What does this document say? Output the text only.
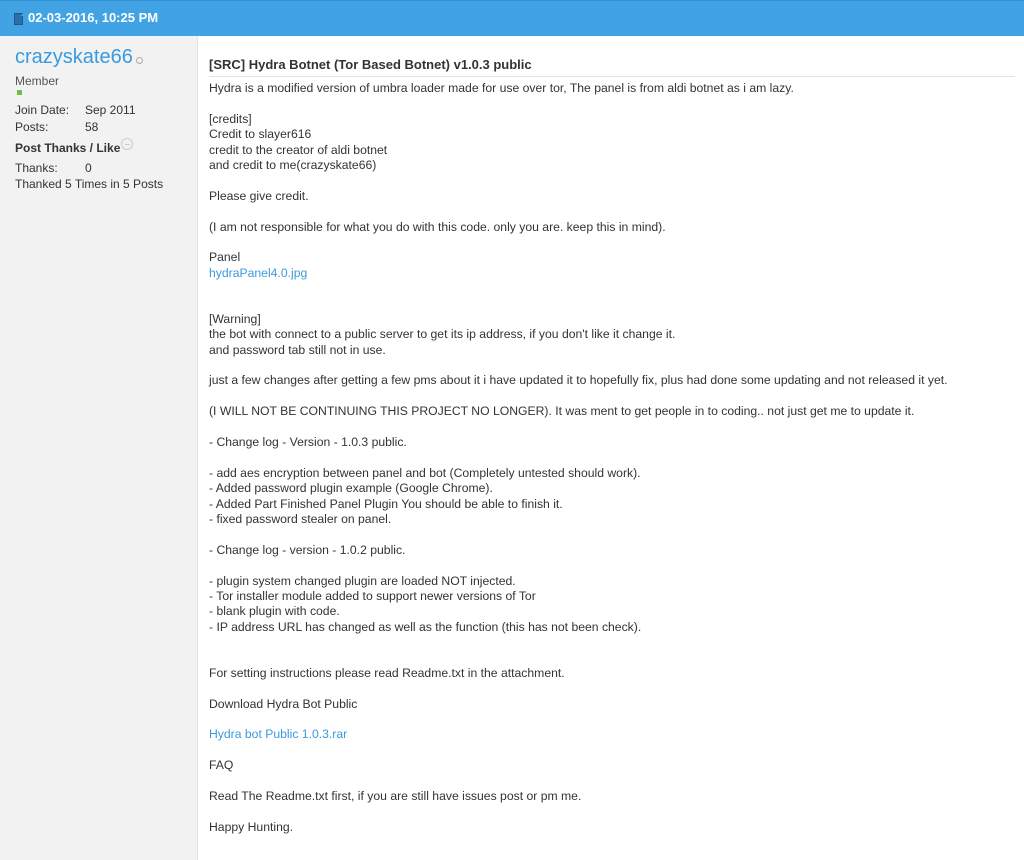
02-03-2016, 10:25 PM
crazyskate66
Member
Join Date: Sep 2011
Posts:	58
Post Thanks / Like
Thanks: 0
Thanked 5 Times in 5 Posts
[SRC] Hydra Botnet (Tor Based Botnet) v1.0.3 public
Hydra is a modified version of umbra loader made for use over tor, The panel is from aldi botnet as i am lazy.
[credits]
Credit to slayer616
credit to the creator of aldi botnet
and credit to me(crazyskate66)
Please give credit.
(I am not responsible for what you do with this code. only you are. keep this in mind).
Panel
hydraPanel4.0.jpg
[Warning]
the bot with connect to a public server to get its ip address, if you don't like it change it.
and password tab still not in use.
just a few changes after getting a few pms about it i have updated it to hopefully fix, plus had done some updating and not released it yet.
(I WILL NOT BE CONTINUING THIS PROJECT NO LONGER). It was ment to get people in to coding.. not just get me to update it.
- Change log - Version - 1.0.3 public.
- add aes encryption between panel and bot (Completely untested should work).
- Added password plugin example (Google Chrome).
- Added Part Finished Panel Plugin You should be able to finish it.
- fixed password stealer on panel.
- Change log - version - 1.0.2 public.
- plugin system changed plugin are loaded NOT injected.
- Tor installer module added to support newer versions of Tor
- blank plugin with code.
- IP address URL has changed as well as the function (this has not been check).
For setting instructions please read Readme.txt in the attachment.
Download Hydra Bot Public
Hydra bot Public 1.0.3.rar
FAQ
Read The Readme.txt first, if you are still have issues post or pm me.
Happy Hunting.
